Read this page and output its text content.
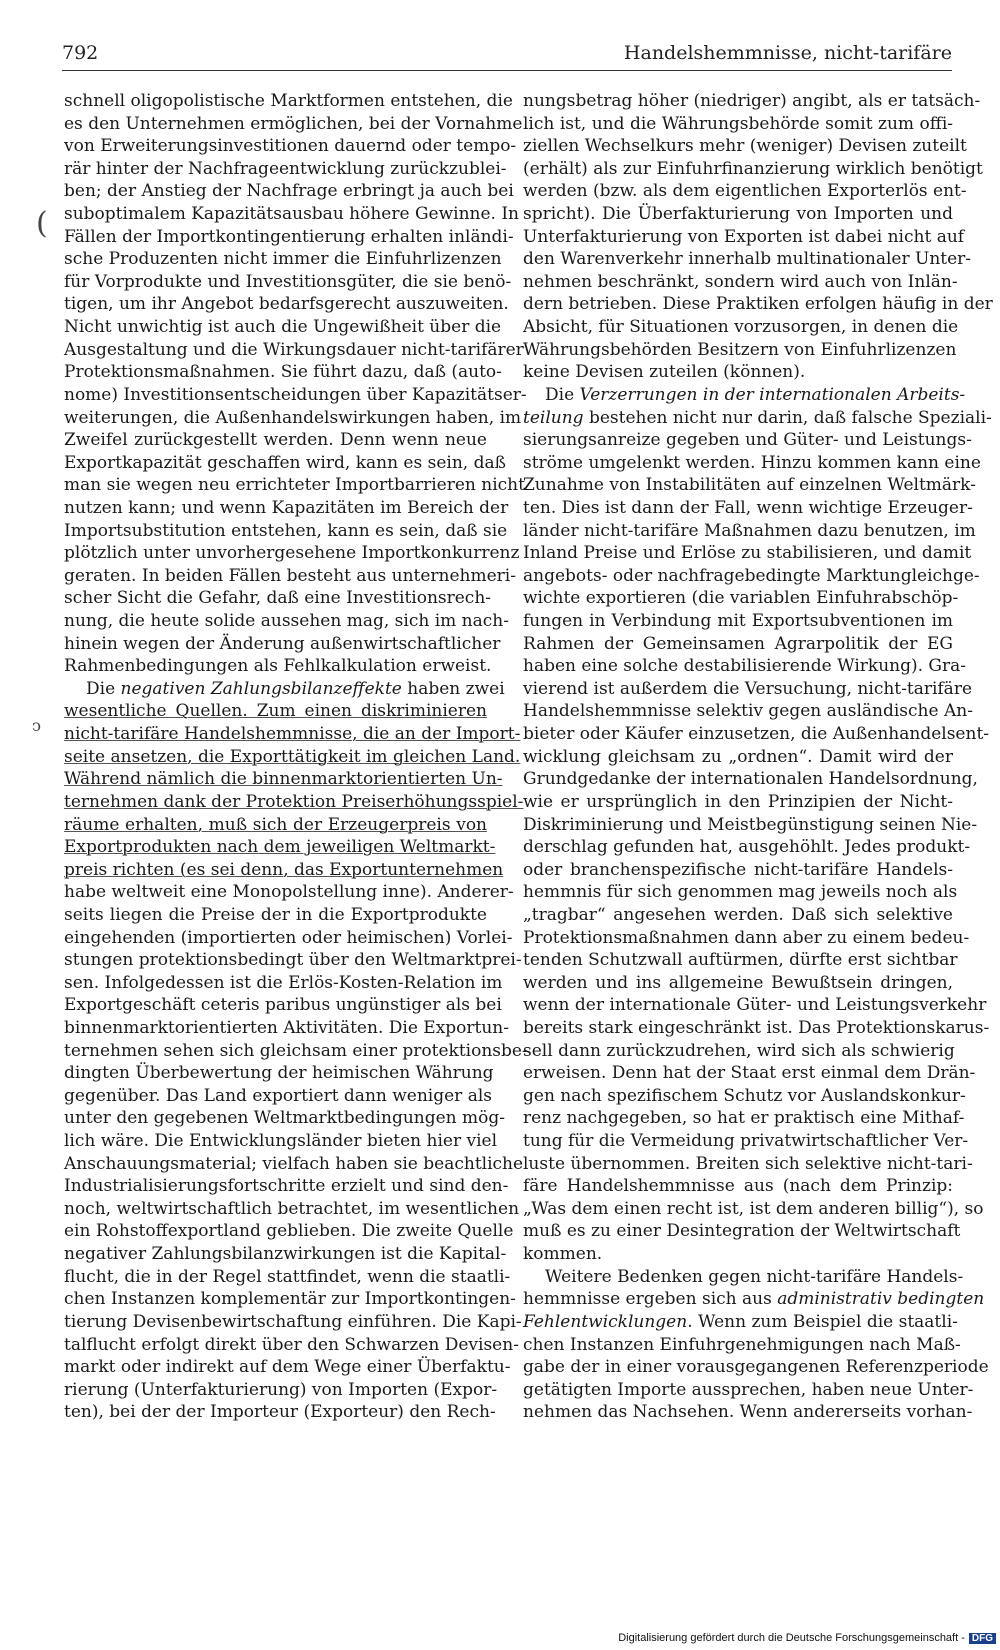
792	Handelshemmnisse, nicht-tarifäre
schnell oligopolistische Marktformen entstehen, die
es den Unternehmen ermöglichen, bei der Vornahme
von Erweiterungsinvestitionen dauernd oder tempo-
rär hinter der Nachfrageentwicklung zurückzublei-
ben; der Anstieg der Nachfrage erbringt ja auch bei
suboptimalem Kapazitätsausbau höhere Gewinne. In
Fällen der Importkontingentierung erhalten inländi-
sche Produzenten nicht immer die Einfuhrlizenzen
für Vorprodukte und Investitionsgüter, die sie benö-
tigen, um ihr Angebot bedarfsgerecht auszuweiten.
Nicht unwichtig ist auch die Ungewißheit über die
Ausgestaltung und die Wirkungsdauer nicht-tarifärer
Protektionsmaßnahmen. Sie führt dazu, daß (auto-
nome) Investitionsentscheidungen über Kapazitätser-
weiterungen, die Außenhandelswirkungen haben, im
Zweifel zurückgestellt werden. Denn wenn neue
Exportkapazität geschaffen wird, kann es sein, daß
man sie wegen neu errichteter Importbarrieren nicht
nutzen kann; und wenn Kapazitäten im Bereich der
Importsubstitution entstehen, kann es sein, daß sie
plötzlich unter unvorhergesehene Importkonkurrenz
geraten. In beiden Fällen besteht aus unternehmeri-
scher Sicht die Gefahr, daß eine Investitionsrech-
nung, die heute solide aussehen mag, sich im nach-
hinein wegen der Änderung außenwirtschaftlicher
Rahmenbedingungen als Fehlkalkulation erweist.
Die negativen Zahlungsbilanzeffekte haben zwei
wesentliche Quellen. Zum einen diskriminieren
nicht-tarifäre Handelshemmnisse, die an der Import-
seite ansetzen, die Exporttätigkeit im gleichen Land.
Während nämlich die binnenmarktorientierten Un-
ternehmen dank der Protektion Preiserhöhungsspiel-
räume erhalten, muß sich der Erzeugerpreis von
Exportprodukten nach dem jeweiligen Weltmarkt-
preis richten (es sei denn, das Exportunternehmen
habe weltweit eine Monopolstellung inne). Anderer-
seits liegen die Preise der in die Exportprodukte
eingehenden (importierten oder heimischen) Vorlei-
stungen protektionsbedingt über den Weltmarktprei-
sen. Infolgedessen ist die Erlös-Kosten-Relation im
Exportgeschäft ceteris paribus ungünstiger als bei
binnenmarktorientierten Aktivitäten. Die Exportun-
ternehmen sehen sich gleichsam einer protektionsbe-
dingten Überbewertung der heimischen Währung
gegenüber. Das Land exportiert dann weniger als
unter den gegebenen Weltmarktbedingungen mög-
lich wäre. Die Entwicklungsländer bieten hier viel
Anschauungsmaterial; vielfach haben sie beachtliche
Industrialisierungsfortschritte erzielt und sind den-
noch, weltwirtschaftlich betrachtet, im wesentlichen
ein Rohstoffexportland geblieben. Die zweite Quelle
negativer Zahlungsbilanzwirkungen ist die Kapital-
flucht, die in der Regel stattfindet, wenn die staatli-
chen Instanzen komplementär zur Importkontingen-
tierung Devisenbewirtschaftung einführen. Die Kapi-
talflucht erfolgt direkt über den Schwarzen Devisen-
markt oder indirekt auf dem Wege einer Überfaktu-
rierung (Unterfakturierung) von Importen (Expor-
ten), bei der der Importeur (Exporteur) den Rech-
nungsbetrag höher (niedriger) angibt, als er tatsäch-
lich ist, und die Währungsbehörde somit zum offi-
ziellen Wechselkurs mehr (weniger) Devisen zuteilt
(erhält) als zur Einfuhrfinanzierung wirklich benötigt
werden (bzw. als dem eigentlichen Exporterlös ent-
spricht). Die Überfakturierung von Importen und
Unterfakturierung von Exporten ist dabei nicht auf
den Warenverkehr innerhalb multinationaler Unter-
nehmen beschränkt, sondern wird auch von Inlän-
dern betrieben. Diese Praktiken erfolgen häufig in der
Absicht, für Situationen vorzusorgen, in denen die
Währungsbehörden Besitzern von Einfuhrlizenzen
keine Devisen zuteilen (können).
Die Verzerrungen in der internationalen Arbeits-
teilung bestehen nicht nur darin, daß falsche Speziali-
sierungsanreize gegeben und Güter- und Leistungs-
ströme umgelenkt werden. Hinzu kommen kann eine
Zunahme von Instabilitäten auf einzelnen Weltmärk-
ten. Dies ist dann der Fall, wenn wichtige Erzeuger-
länder nicht-tarifäre Maßnahmen dazu benutzen, im
Inland Preise und Erlöse zu stabilisieren, und damit
angebots- oder nachfragebedingte Marktungleichge-
wichte exportieren (die variablen Einfuhrabschöp-
fungen in Verbindung mit Exportsubventionen im
Rahmen der Gemeinsamen Agrarpolitik der EG
haben eine solche destabilisierende Wirkung). Gra-
vierend ist außerdem die Versuchung, nicht-tarifäre
Handelshemmnisse selektiv gegen ausländische An-
bieter oder Käufer einzusetzen, die Außenhandelsent-
wicklung gleichsam zu „ordnen“. Damit wird der
Grundgedanke der internationalen Handelsordnung,
wie er ursprünglich in den Prinzipien der Nicht-
Diskriminierung und Meistbegünstigung seinen Nie-
derschlag gefunden hat, ausgehöhlt. Jedes produkt-
oder branchenspezifische nicht-tarifäre Handels-
hemmnis für sich genommen mag jeweils noch als
„tragbar“ angesehen werden. Daß sich selektive
Protektionsmaßnahmen dann aber zu einem bedeu-
tenden Schutzwall auftürmen, dürfte erst sichtbar
werden und ins allgemeine Bewußtsein dringen,
wenn der internationale Güter- und Leistungsverkehr
bereits stark eingeschränkt ist. Das Protektionskarus-
sell dann zurückzudrehen, wird sich als schwierig
erweisen. Denn hat der Staat erst einmal dem Drän-
gen nach spezifischem Schutz vor Auslandskonkur-
renz nachgegeben, so hat er praktisch eine Mithaf-
tung für die Vermeidung privatwirtschaftlicher Ver-
luste übernommen. Breiten sich selektive nicht-tari-
färe Handelshemmnisse aus (nach dem Prinzip:
„Was dem einen recht ist, ist dem anderen billig“), so
muß es zu einer Desintegration der Weltwirtschaft
kommen.
Weitere Bedenken gegen nicht-tarifäre Handels-
hemmnisse ergeben sich aus administrativ bedingten
Fehlentwicklungen. Wenn zum Beispiel die staatli-
chen Instanzen Einfuhrgenehmigungen nach Maß-
gabe der in einer vorausgegangenen Referenzperiode
getätigten Importe aussprechen, haben neue Unter-
nehmen das Nachsehen. Wenn andererseits vorhan-
(
ↄ
Digitalisierung gefördert durch die Deutsche Forschungsgemeinschaft - DFG
